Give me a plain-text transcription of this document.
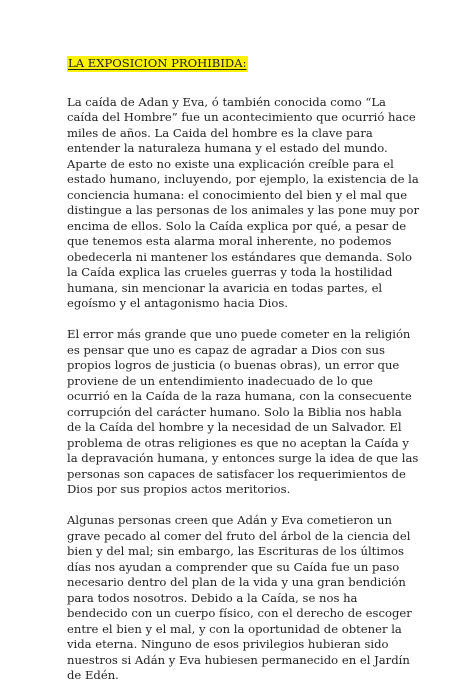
LA EXPOSICION PROHIBIDA:

La caída de Adan y Eva, ó también conocida como “La caída del Hombre” fue un acontecimiento que ocurrió hace miles de años. La Caida del hombre es la clave para entender la naturaleza humana y el estado del mundo. Aparte de esto no existe una explicación creíble para el estado humano, incluyendo, por ejemplo, la existencia de la conciencia humana: el conocimiento del bien y el mal que distingue a las personas de los animales y las pone muy por encima de ellos. Solo la Caída explica por qué, a pesar de que tenemos esta alarma moral inherente, no podemos obedecerla ni mantener los estándares que demanda. Solo la Caída explica las crueles guerras y toda la hostilidad humana, sin mencionar la avaricia en todas partes, el egoísmo y el antagonismo hacia Dios.

El error más grande que uno puede cometer en la religión es pensar que uno es capaz de agradar a Dios con sus propios logros de justicia (o buenas obras), un error que proviene de un entendimiento inadecuado de lo que ocurrió en la Caída de la raza humana, con la consecuente corrupción del carácter humano. Solo la Biblia nos habla de la Caída del hombre y la necesidad de un Salvador. El problema de otras religiones es que no aceptan la Caída y la depravación humana, y entonces surge la idea de que las personas son capaces de satisfacer los requerimientos de Dios por sus propios actos meritorios.

Algunas personas creen que Adán y Eva cometieron un grave pecado al comer del fruto del árbol de la ciencia del bien y del mal; sin embargo, las Escrituras de los últimos días nos ayudan a comprender que su Caída fue un paso necesario dentro del plan de la vida y una gran bendición para todos nosotros. Debido a la Caída, se nos ha bendecido con un cuerpo físico, con el derecho de escoger entre el bien y el mal, y con la oportunidad de obtener la vida eterna. Ninguno de esos privilegios hubieran sido nuestros si Adán y Eva hubiesen permanecido en el Jardín de Edén.
